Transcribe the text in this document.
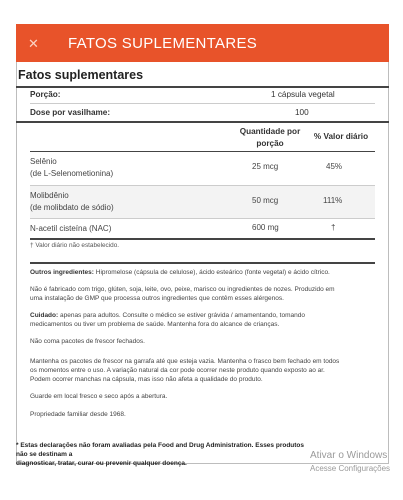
✕	FATOS SUPLEMENTARES
Fatos suplementares
Porção:	1 cápsula vegetal
Dose por vasilhame:	100
Quantidade por
porção
% Valor diário
Selênio
(de L-Selenometionina)
25 mcg	45%
Molibdênio
(de molibdato de sódio)
50 mcg	111%
N-acetil cisteína (NAC)	600 mg	†
† Valor diário não estabelecido.
Outros ingredientes: Hipromelose (cápsula de celulose), ácido esteárico (fonte vegetal) e ácido cítrico.
Não é fabricado com trigo, glúten, soja, leite, ovo, peixe, marisco ou ingredientes de nozes. Produzido em
uma instalação de GMP que processa outros ingredientes que contêm esses alérgenos.
Cuidado: apenas para adultos. Consulte o médico se estiver grávida / amamentando, tomando
medicamentos ou tiver um problema de saúde. Mantenha fora do alcance de crianças.
Não coma pacotes de frescor fechados.
Mantenha os pacotes de frescor na garrafa até que esteja vazia. Mantenha o frasco bem fechado em todos
os momentos entre o uso. A variação natural da cor pode ocorrer neste produto quando exposto ao ar.
Podem ocorrer manchas na cápsula, mas isso não afeta a qualidade do produto.
Guarde em local fresco e seco após a abertura.
Propriedade familiar desde 1968.
* Estas declarações não foram avaliadas pela Food and Drug Administration. Esses produtos não se destinam a
diagnosticar, tratar, curar ou prevenir qualquer doença.
Ativar o Windows
Acesse Configurações
